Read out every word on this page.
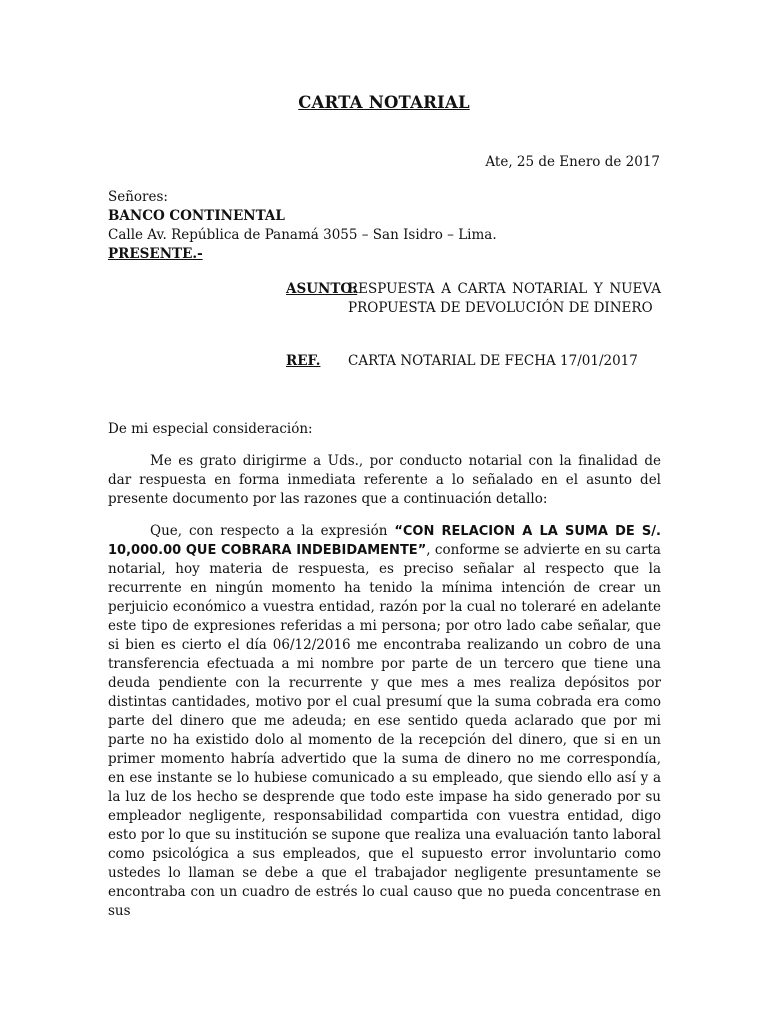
CARTA NOTARIAL
Ate, 25 de Enero de 2017
Señores:
BANCO CONTINENTAL
Calle Av. República de Panamá 3055 – San Isidro – Lima.
PRESENTE.-
ASUNTO:
RESPUESTA A CARTA NOTARIAL Y NUEVA PROPUESTA DE DEVOLUCIÓN DE DINERO
REF.	CARTA NOTARIAL DE FECHA 17/01/2017
De mi especial consideración:

Me es grato dirigirme a Uds., por conducto notarial con la finalidad de dar respuesta en forma inmediata referente a lo señalado en el asunto del presente documento por las razones que a continuación detallo:

Que, con respecto a la expresión “CON RELACION A LA SUMA DE S/. 10,000.00 QUE COBRARA INDEBIDAMENTE”, conforme se advierte en su carta notarial, hoy materia de respuesta, es preciso señalar al respecto que la recurrente en ningún momento ha tenido la mínima intención de crear un perjuicio económico a vuestra entidad, razón por la cual no toleraré en adelante este tipo de expresiones referidas a mi persona; por otro lado cabe señalar, que si bien es cierto el día 06/12/2016 me encontraba realizando un cobro de una transferencia efectuada a mi nombre por parte de un tercero que tiene una deuda pendiente con la recurrente y que mes a mes realiza depósitos por distintas cantidades, motivo por el cual presumí que la suma cobrada era como parte del dinero que me adeuda; en ese sentido queda aclarado que por mi parte no ha existido dolo al momento de la recepción del dinero, que si en un primer momento habría advertido que la suma de dinero no me correspondía, en ese instante se lo hubiese comunicado a su empleado, que siendo ello así y a la luz de los hecho se desprende que todo este impase ha sido generado por su empleador negligente, responsabilidad compartida con vuestra entidad, digo esto por lo que su institución se supone que realiza una evaluación tanto laboral como psicológica a sus empleados, que el supuesto error involuntario como ustedes lo llaman se debe a que el trabajador negligente presuntamente se encontraba con un cuadro de estrés lo cual causo que no pueda concentrase en sus
